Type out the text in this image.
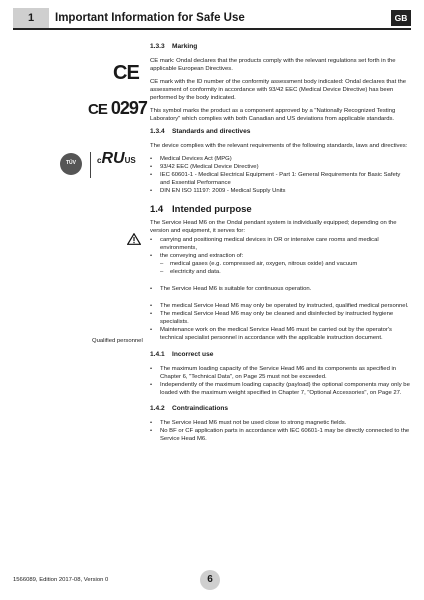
1	Important Information for Safe Use	GB
CE
CE 0297
TÜV	cRUUS
Qualified personnel
1.3.3 Marking

CE mark: Ondal declares that the products comply with the relevant regulations set forth in the applicable European Directives.

CE mark with the ID number of the conformity assessment body indicated: Ondal declares that the assessment of conformity in accordance with 93/42 EEC (Medical Device Directive) has been performed by the body indicated.

This symbol marks the product as a component approved by a "Nationally Recognized Testing Laboratory" which complies with both Canadian and US deviations from applicable standards.

1.3.4 Standards and directives

The device complies with the relevant requirements of the following standards, laws and directives:

• Medical Devices Act (MPG)
• 93/42 EEC (Medical Device Directive)
• IEC 60601-1 - Medical Electrical Equipment - Part 1: General Requirements for Basic Safety and Essential Performance
• DIN EN ISO 11197: 2009 - Medical Supply Units
1.4 Intended purpose

The Service Head M6 on the Ondal pendant system is individually equipped; depending on the version and equipment, it serves for:

• carrying and positioning medical devices in OR or intensive care rooms and medical environments,
• the conveying and extraction of:
– medical gases (e.g. compressed air, oxygen, nitrous oxide) and vacuum
– electricity and data.
• The Service Head M6 is suitable for continuous operation.
• The medical Service Head M6 may only be operated by instructed, qualified medical personnel.
• The medical Service Head M6 may only be cleaned and disinfected by instructed hygiene specialists.
• Maintenance work on the medical Service Head M6 must be carried out by the operator's technical specialist personnel in accordance with the applicable instruction document.
1.4.1 Incorrect use
• The maximum loading capacity of the Service Head M6 and its components as specified in Chapter 6, "Technical Data", on Page 25 must not be exceeded.
• Independently of the maximum loading capacity (payload) the optional components may only be loaded with the maximum weight specified in Chapter 7, "Optional Accessories", on Page 27.
1.4.2 Contraindications
• The Service Head M6 must not be used close to strong magnetic fields.
• No BF or CF application parts in accordance with IEC 60601-1 may be directly connected to the Service Head M6.
1566089, Edition 2017-08, Version 0	6
